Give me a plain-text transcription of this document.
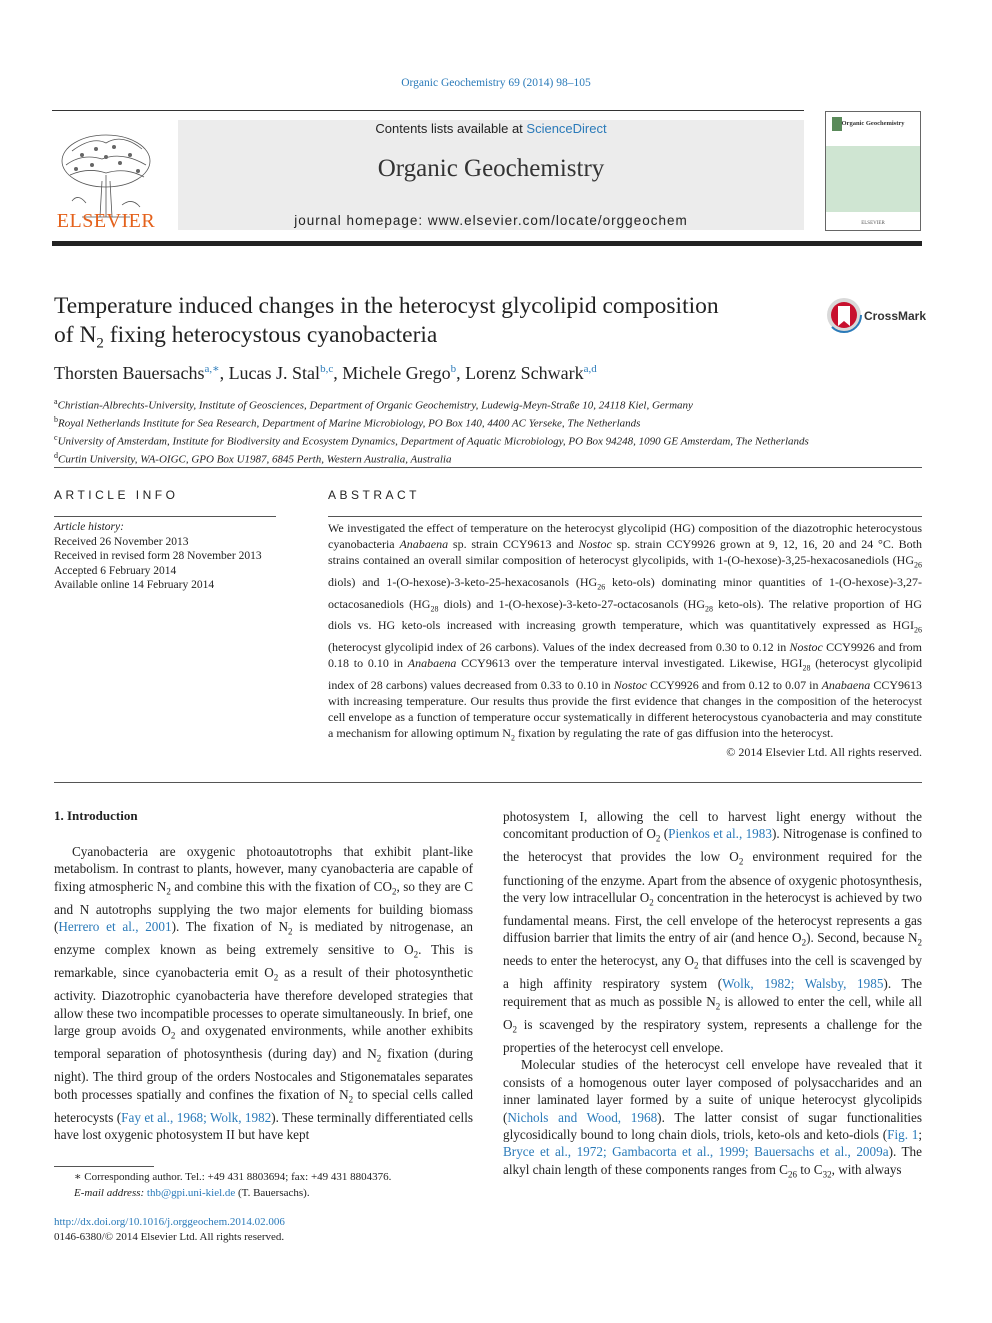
Organic Geochemistry 69 (2014) 98–105
ELSEVIER
Contents lists available at ScienceDirect
Organic Geochemistry
journal homepage: www.elsevier.com/locate/orggeochem
Organic Geochemistry
ELSEVIER
Temperature induced changes in the heterocyst glycolipid composition
of $N_2$ fixing heterocystous cyanobacteria
CrossMark
Thorsten Bauersachs$^{a,∗}$, Lucas J. Stal$^{b,c}$, Michele Grego$^b$, Lorenz Schwark$^{a,d}$
$^a$Christian-Albrechts-University, Institute of Geosciences, Department of Organic Geochemistry, Ludewig-Meyn-Straße 10, 24118 Kiel, Germany
$^b$Royal Netherlands Institute for Sea Research, Department of Marine Microbiology, PO Box 140, 4400 AC Yerseke, The Netherlands
$^c$University of Amsterdam, Institute for Biodiversity and Ecosystem Dynamics, Department of Aquatic Microbiology, PO Box 94248, 1090 GE Amsterdam, The Netherlands
$^d$Curtin University, WA-OIGC, GPO Box U1987, 6845 Perth, Western Australia, Australia
ARTICLE INFO
Article history:
Received 26 November 2013
Received in revised form 28 November 2013
Accepted 6 February 2014
Available online 14 February 2014
ABSTRACT
We investigated the effect of temperature on the heterocyst glycolipid (HG) composition of the diazotrophic heterocystous cyanobacteria Anabaena sp. strain CCY9613 and Nostoc sp. strain CCY9926 grown at 9, 12, 16, 20 and 24 °C. Both strains contained an overall similar composition of heterocyst glycolipids, with 1-(O-hexose)-3,25-hexacosanediols ($HG_{26}$ diols) and 1-(O-hexose)-3-keto-25-hexacosanols ($HG_{26}$ keto-ols) dominating minor quantities of 1-(O-hexose)-3,27-octacosanediols ($HG_{28}$ diols) and 1-(O-hexose)-3-keto-27-octacosanols ($HG_{28}$ keto-ols). The relative proportion of HG diols vs. HG keto-ols increased with increasing growth temperature, which was quantitatively expressed as $HGI_{26}$ (heterocyst glycolipid index of 26 carbons). Values of the index decreased from 0.30 to 0.12 in Nostoc CCY9926 and from 0.18 to 0.10 in Anabaena CCY9613 over the temperature interval investigated. Likewise, $HGI_{28}$ (heterocyst glycolipid index of 28 carbons) values decreased from 0.33 to 0.10 in Nostoc CCY9926 and from 0.12 to 0.07 in Anabaena CCY9613 with increasing temperature. Our results thus provide the first evidence that changes in the composition of the heterocyst cell envelope as a function of temperature occur systematically in different heterocystous cyanobacteria and may constitute a mechanism for allowing optimum $N_2$ fixation by regulating the rate of gas diffusion into the heterocyst.
© 2014 Elsevier Ltd. All rights reserved.
1. Introduction

Cyanobacteria are oxygenic photoautotrophs that exhibit plant-like metabolism. In contrast to plants, however, many cyanobacteria are capable of fixing atmospheric $N_2$ and combine this with the fixation of $CO_2$, so they are C and N autotrophs supplying the two major elements for building biomass (Herrero et al., 2001). The fixation of $N_2$ is mediated by nitrogenase, an enzyme complex known as being extremely sensitive to $O_2$. This is remarkable, since cyanobacteria emit $O_2$ as a result of their photosynthetic activity. Diazotrophic cyanobacteria have therefore developed strategies that allow these two incompatible processes to operate simultaneously. In brief, one large group avoids $O_2$ and oxygenated environments, while another exhibits temporal separation of photosynthesis (during day) and $N_2$ fixation (during night). The third group of the orders Nostocales and Stigonematales separates both processes spatially and confines the fixation of $N_2$ to special cells called heterocysts (Fay et al., 1968; Wolk, 1982). These terminally differentiated cells have lost oxygenic photosystem II but have kept

photosystem I, allowing the cell to harvest light energy without the concomitant production of $O_2$ (Pienkos et al., 1983). Nitrogenase is confined to the heterocyst that provides the low $O_2$ environment required for the functioning of the enzyme. Apart from the absence of oxygenic photosynthesis, the very low intracellular $O_2$ concentration in the heterocyst is achieved by two fundamental means. First, the cell envelope of the heterocyst represents a gas diffusion barrier that limits the entry of air (and hence $O_2$). Second, because $N_2$ needs to enter the heterocyst, any $O_2$ that diffuses into the cell is scavenged by a high affinity respiratory system (Wolk, 1982; Walsby, 1985). The requirement that as much as possible $N_2$ is allowed to enter the cell, while all $O_2$ is scavenged by the respiratory system, represents a challenge for the properties of the heterocyst cell envelope.

Molecular studies of the heterocyst cell envelope have revealed that it consists of a homogenous outer layer composed of polysaccharides and an inner laminated layer formed by a suite of unique heterocyst glycolipids (Nichols and Wood, 1968). The latter consist of sugar functionalities glycosidically bound to long chain diols, triols, keto-ols and keto-diols (Fig. 1; Bryce et al., 1972; Gambacorta et al., 1999; Bauersachs et al., 2009a). The alkyl chain length of these components ranges from $C_{26}$ to $C_{32}$, with always

∗ Corresponding author. Tel.: +49 431 8803694; fax: +49 431 8804376.
E-mail address: thb@gpi.uni-kiel.de (T. Bauersachs).
http://dx.doi.org/10.1016/j.orggeochem.2014.02.006
0146-6380/© 2014 Elsevier Ltd. All rights reserved.
